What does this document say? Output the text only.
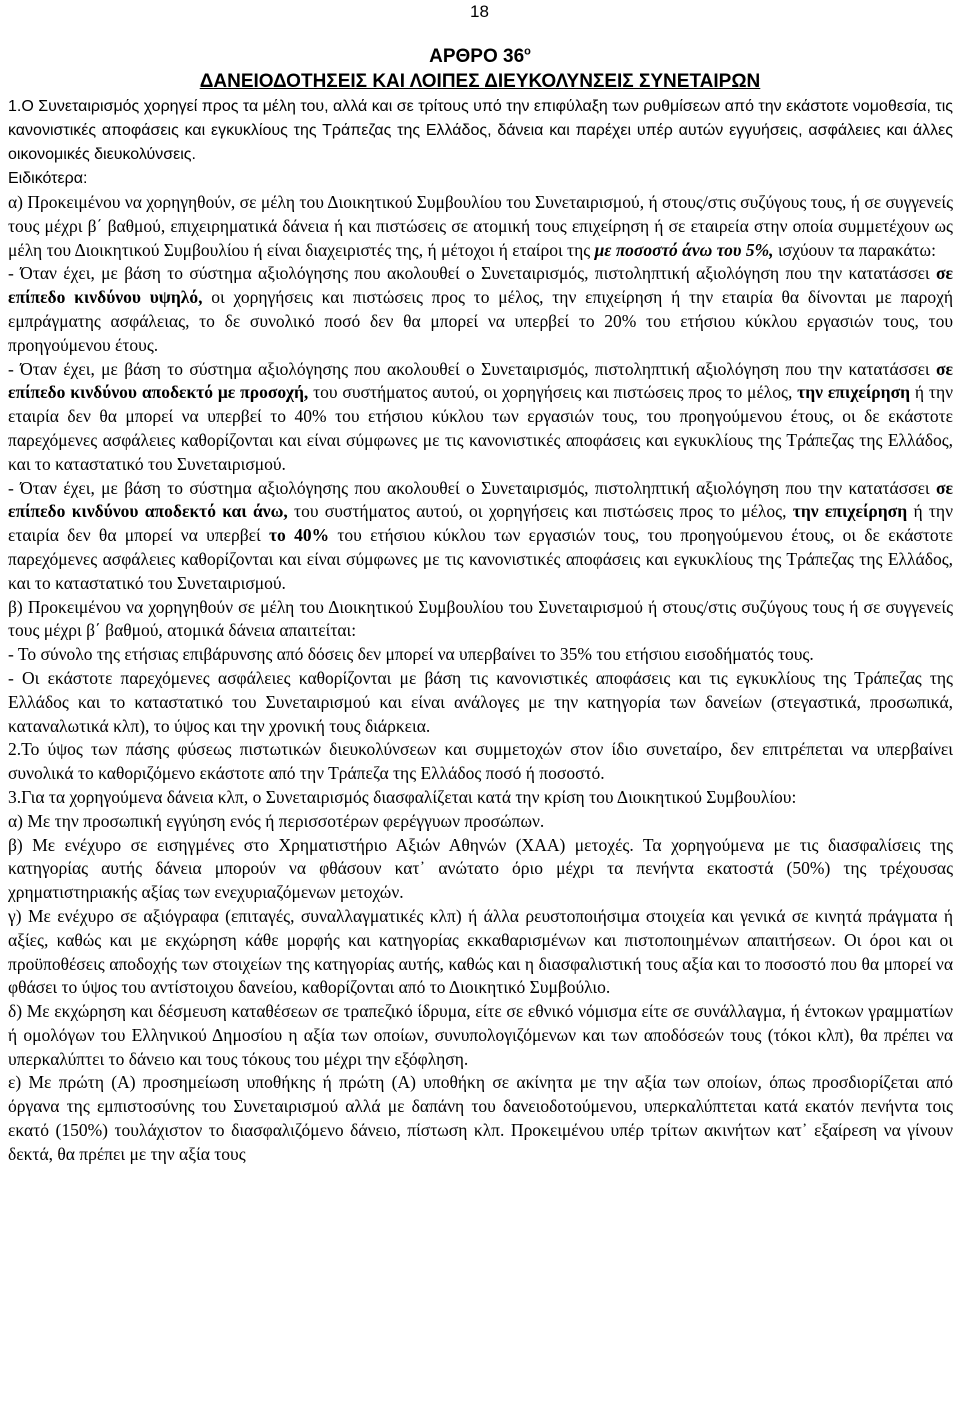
18
ΑΡΘΡΟ $36^o$
ΔΑΝΕΙΟΔΟΤΗΣΕΙΣ ΚΑΙ ΛΟΙΠΕΣ ΔΙΕΥΚΟΛΥΝΣΕΙΣ ΣΥΝΕΤΑΙΡΩΝ
1.Ο Συνεταιρισμός χορηγεί προς τα μέλη του, αλλά και σε τρίτους υπό την επιφύλαξη των ρυθμίσεων από την εκάστοτε νομοθεσία, τις κανονιστικές αποφάσεις και εγκυκλίους της Τράπεζας της Ελλάδος, δάνεια και παρέχει υπέρ αυτών εγγυήσεις, ασφάλειες και άλλες οικονομικές διευκολύνσεις.
Ειδικότερα:
α) Προκειμένου να χορηγηθούν, σε μέλη του Διοικητικού Συμβουλίου του Συνεταιρισμού, ή στους/στις συζύγους τους, ή σε συγγενείς τους μέχρι β΄ βαθμού, επιχειρηματικά δάνεια ή και πιστώσεις σε ατομική τους επιχείρηση ή σε εταιρεία στην οποία συμμετέχουν ως μέλη του Διοικητικού Συμβουλίου ή είναι διαχειριστές της, ή μέτοχοι ή εταίροι της με ποσοστό άνω του 5%, ισχύουν τα παρακάτω:
- Όταν έχει, με βάση το σύστημα αξιολόγησης που ακολουθεί ο Συνεταιρισμός, πιστοληπτική αξιολόγηση που την κατατάσσει σε επίπεδο κινδύνου υψηλό, οι χορηγήσεις και πιστώσεις προς το μέλος, την επιχείρηση ή την εταιρία θα δίνονται με παροχή εμπράγματης ασφάλειας, το δε συνολικό ποσό δεν θα μπορεί να υπερβεί το 20% του ετήσιου κύκλου εργασιών τους, του προηγούμενου έτους.
- Όταν έχει, με βάση το σύστημα αξιολόγησης που ακολουθεί ο Συνεταιρισμός, πιστοληπτική αξιολόγηση που την κατατάσσει σε επίπεδο κινδύνου αποδεκτό με προσοχή, του συστήματος αυτού, οι χορηγήσεις και πιστώσεις προς το μέλος, την επιχείρηση ή την εταιρία δεν θα μπορεί να υπερβεί το 40% του ετήσιου κύκλου των εργασιών τους, του προηγούμενου έτους, οι δε εκάστοτε παρεχόμενες ασφάλειες καθορίζονται και είναι σύμφωνες με τις κανονιστικές αποφάσεις και εγκυκλίους της Τράπεζας της Ελλάδος, και το καταστατικό του Συνεταιρισμού.
- Όταν έχει, με βάση το σύστημα αξιολόγησης που ακολουθεί ο Συνεταιρισμός, πιστοληπτική αξιολόγηση που την κατατάσσει σε επίπεδο κινδύνου αποδεκτό και άνω, του συστήματος αυτού, οι χορηγήσεις και πιστώσεις προς το μέλος, την επιχείρηση ή την εταιρία δεν θα μπορεί να υπερβεί το 40% του ετήσιου κύκλου των εργασιών τους, του προηγούμενου έτους, οι δε εκάστοτε παρεχόμενες ασφάλειες καθορίζονται και είναι σύμφωνες με τις κανονιστικές αποφάσεις και εγκυκλίους της Τράπεζας της Ελλάδος, και το καταστατικό του Συνεταιρισμού.
β) Προκειμένου να χορηγηθούν σε μέλη του Διοικητικού Συμβουλίου του Συνεταιρισμού ή στους/στις συζύγους τους ή σε συγγενείς τους μέχρι β΄ βαθμού, ατομικά δάνεια απαιτείται:
- Το σύνολο της ετήσιας επιβάρυνσης από δόσεις δεν μπορεί να υπερβαίνει το 35% του ετήσιου εισοδήματός τους.
- Οι εκάστοτε παρεχόμενες ασφάλειες καθορίζονται με βάση τις κανονιστικές αποφάσεις και τις εγκυκλίους της Τράπεζας της Ελλάδος και το καταστατικό του Συνεταιρισμού και είναι ανάλογες με την κατηγορία των δανείων (στεγαστικά, προσωπικά, καταναλωτικά κλπ), το ύψος και την χρονική τους διάρκεια.
2.Το ύψος των πάσης φύσεως πιστωτικών διευκολύνσεων και συμμετοχών στον ίδιο συνεταίρο, δεν επιτρέπεται να υπερβαίνει συνολικά το καθοριζόμενο εκάστοτε από την Τράπεζα της Ελλάδος ποσό ή ποσοστό.
3.Για τα χορηγούμενα δάνεια κλπ, ο Συνεταιρισμός διασφαλίζεται κατά την κρίση του Διοικητικού Συμβουλίου:
α) Με την προσωπική εγγύηση ενός ή περισσοτέρων φερέγγυων προσώπων.
β) Με ενέχυρο σε εισηγμένες στο Χρηματιστήριο Αξιών Αθηνών (ΧΑΑ) μετοχές. Τα χορηγούμενα με τις διασφαλίσεις της κατηγορίας αυτής δάνεια μπορούν να φθάσουν κατ᾽ ανώτατο όριο μέχρι τα πενήντα εκατοστά (50%) της τρέχουσας χρηματιστηριακής αξίας των ενεχυριαζόμενων μετοχών.
γ) Με ενέχυρο σε αξιόγραφα (επιταγές, συναλλαγματικές κλπ) ή άλλα ρευστοποιήσιμα στοιχεία και γενικά σε κινητά πράγματα ή αξίες, καθώς και με εκχώρηση κάθε μορφής και κατηγορίας εκκαθαρισμένων και πιστοποιημένων απαιτήσεων. Οι όροι και οι προϋποθέσεις αποδοχής των στοιχείων της κατηγορίας αυτής, καθώς και η διασφαλιστική τους αξία και το ποσοστό που θα μπορεί να φθάσει το ύψος του αντίστοιχου δανείου, καθορίζονται από το Διοικητικό Συμβούλιο.
δ) Με εκχώρηση και δέσμευση καταθέσεων σε τραπεζικό ίδρυμα, είτε σε εθνικό νόμισμα είτε σε συνάλλαγμα, ή έντοκων γραμματίων ή ομολόγων του Ελληνικού Δημοσίου η αξία των οποίων, συνυπολογιζόμενων και των αποδόσεών τους (τόκοι κλπ), θα πρέπει να υπερκαλύπτει το δάνειο και τους τόκους του μέχρι την εξόφληση.
ε) Με πρώτη (Α) προσημείωση υποθήκης ή πρώτη (Α) υποθήκη σε ακίνητα με την αξία των οποίων, όπως προσδιορίζεται από όργανα της εμπιστοσύνης του Συνεταιρισμού αλλά με δαπάνη του δανειοδοτούμενου, υπερκαλύπτεται κατά εκατόν πενήντα τοις εκατό (150%) τουλάχιστον το διασφαλιζόμενο δάνειο, πίστωση κλπ. Προκειμένου υπέρ τρίτων ακινήτων κατ᾽ εξαίρεση να γίνουν δεκτά, θα πρέπει με την αξία τους
